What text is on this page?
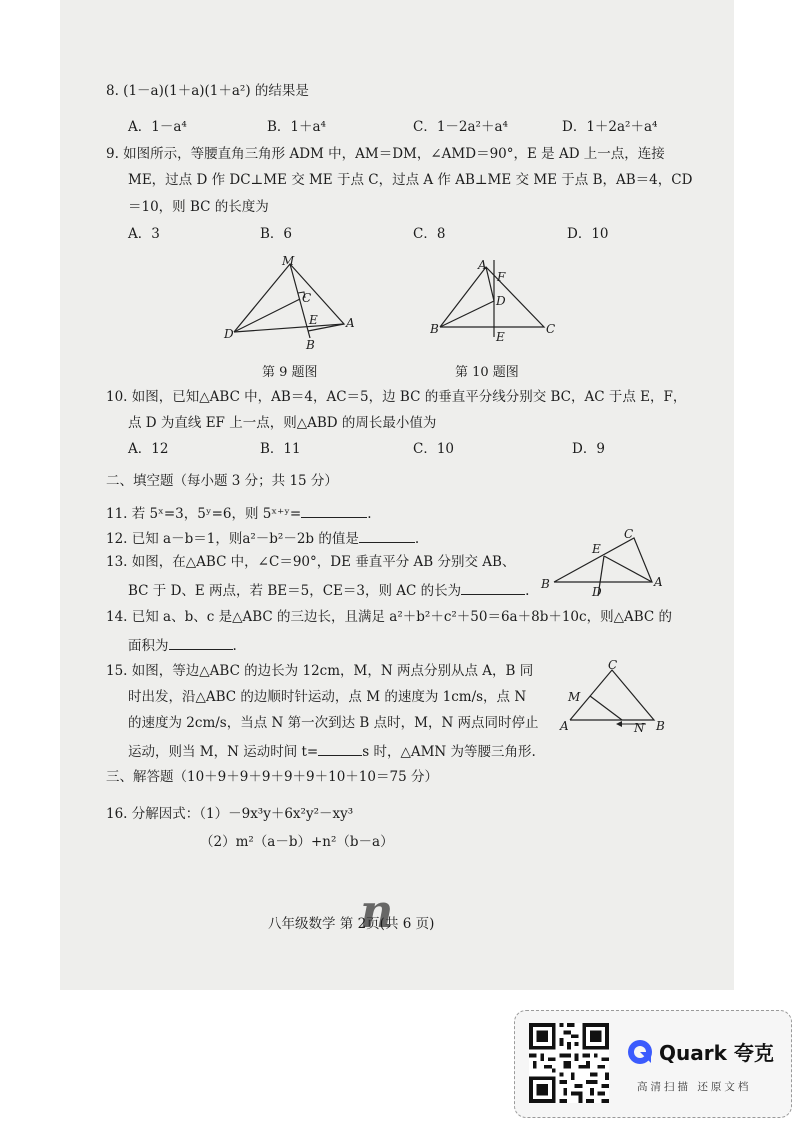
8. (1－a)(1＋a)(1＋a²) 的结果是
A．1－a⁴	B．1＋a⁴	C．1－2a²＋a⁴	D．1＋2a²＋a⁴
9. 如图所示，等腰直角三角形 ADM 中，AM＝DM，∠AMD＝90°，E 是 AD 上一点，连接
ME，过点 D 作 DC⊥ME 交 ME 于点 C，过点 A 作 AB⊥ME 交 ME 于点 B，AB＝4，CD
＝10，则 BC 的长度为
A．3	B．6	C．8	D．10
M
C
E A
D
B
第 9 题图
A
F
D
B
E
C
第 10 题图
10. 如图，已知△ABC 中，AB＝4，AC＝5，边 BC 的垂直平分线分别交 BC，AC 于点 E，F，
点 D 为直线 EF 上一点，则△ABD 的周长最小值为
A．12	B．11	C．10	D．9
二、填空题（每小题 3 分；共 15 分）
11. 若 5ˣ=3，5ʸ=6，则 5ˣ⁺ʸ=	.
12. 已知 a－b＝1，则a²－b²－2b 的值是	.
13. 如图，在△ABC 中，∠C＝90°，DE 垂直平分 AB 分别交 AB、
BC 于 D、E 两点，若 BE＝5，CE＝3，则 AC 的长为	.
C
E
B
D
A
14. 已知 a、b、c 是△ABC 的三边长，且满足 a²＋b²＋c²＋50＝6a＋8b＋10c，则△ABC 的
面积为	.
15. 如图，等边△ABC 的边长为 12cm，M，N 两点分别从点 A，B 同
时出发，沿△ABC 的边顺时针运动，点 M 的速度为 1cm/s，点 N
的速度为 2cm/s，当点 N 第一次到达 B 点时，M，N 两点同时停止
运动，则当 M，N 运动时间 t=	s 时，△AMN 为等腰三角形.
C
M
A	N B
三、解答题（10＋9＋9＋9＋9＋9＋10＋10＝75 分）
16. 分解因式：（1）－9x³y＋6x²y²－xy³
（2）m²（a－b）+n²（b－a）
n
八年级数学 第 2页(共 6 页)
Quark 夸克
高清扫描 还原文档
